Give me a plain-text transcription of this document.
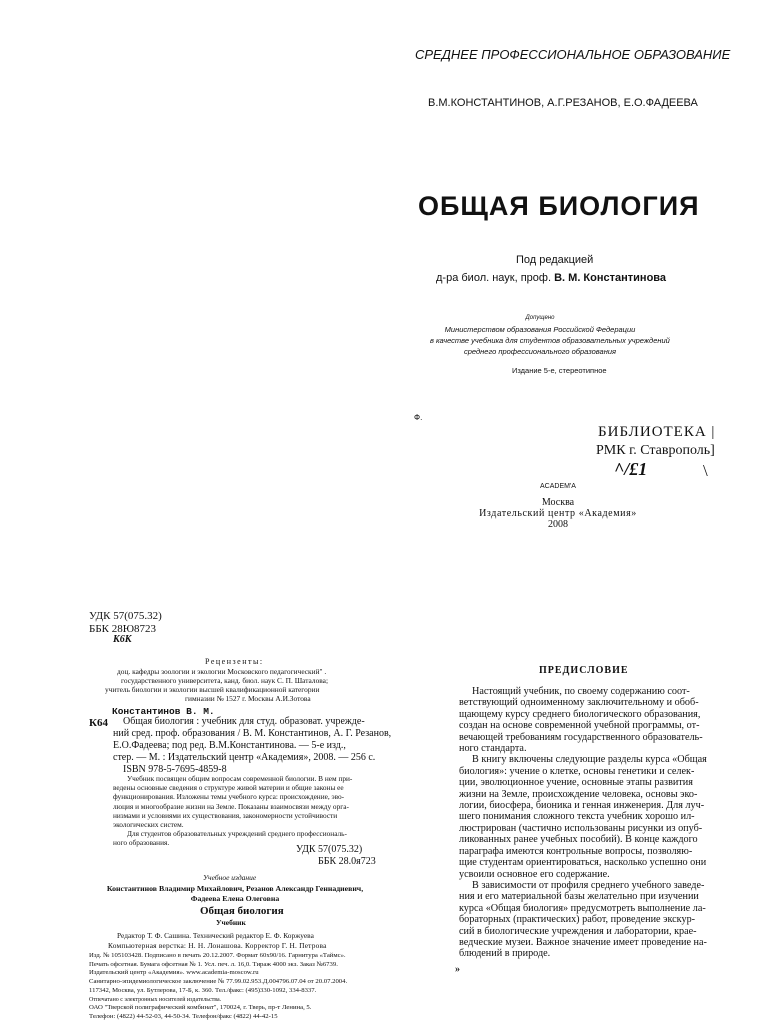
СРЕДНЕЕ ПРОФЕССИОНАЛЬНОЕ ОБРАЗОВАНИЕ
В.М.КОНСТАНТИНОВ, А.Г.РЕЗАНОВ, Е.О.ФАДЕЕВА
ОБЩАЯ БИОЛОГИЯ
Под редакцией
д-ра биол. наук, проф. В. М. Константинова
Допущено
Министерством образования Российской Федерации
в качестве учебника для студентов образовательных учреждений
среднего профессионального образования
Издание 5-е, стереотипное
Ф.
БИБЛИОТЕКА |
РМК г. Ставрополь]
^/£1	\
ACADEM'A
Москва
Издательский центр «Академия»
2008
УДК 57(075.32)
ББК 28Ю8723
К6К
Рецензенты:
доц. кафедры зоологии и экологии Московского педагогический" .
государственного университета, канд. биол. наук С. П. Шаталова;
учитель биологии и экологии высшей квалификационной категории
гимназии № 1527 г. Москвы А.И.Зотова
Константинов В. М.
К64 Общая биология : учебник для студ. образоват. учрежде-
ний сред. проф. образования / В. М. Константинов, А. Г. Резанов,
Е.О.Фадеева; под ред. В.М.Константинова. — 5-е изд.,
стер. — М. : Издательский центр «Академия», 2008. — 256 с.
ISBN 978-5-7695-4859-8
Учебник посвящен общим вопросам современной биологии. В нем при-
ведены основные сведения о структуре живой материи и общие законы ее
функционирования. Изложены темы учебного курса: происхождение, эво-
люция и многообразие жизни на Земле. Показаны взаимосвязи между орга-
низмами и условиями их существования, закономерности устойчивости
экологических систем.
Для студентов образовательных учреждений среднего профессиональ-
ного образования.
УДК 57(075.32)
ББК 28.0я723
Учебное издание
Константинов Владимир Михайлович, Резанов Александр Геннадиевич,
Фадеева Елена Олеговна
Общая биология
Учебник
Редактор Т. Ф. Сашина. Технический редактор Е. Ф. Коржуева
Компьютерная верстка: Н. Н. Лонашова. Корректор Г. Н. Петрова
Изд. № 105103428. Подписано в печать 20.12.2007. Формат 60x90/16. Гарнитура «Таймс».
Печать офсетная. Бумага офсетная № 1. Усл. печ. л. 16,0. Тираж 4000 экз. Заказ №6739.
Издательский центр «Академия». www.academia-moscow.ru
Санитарно-эпидемиологическое заключение № 77.99.02.953.Д.004796.07.04 от 20.07.2004.
117342, Москва, ул. Бутлерова, 17-Б, к. 360. Тел./факс: (495)330-1092, 334-8337.
Отпечатано с электронных носителей издательства.
ОАО "Тверской полиграфический комбинат", 170024, г. Тверь, пр-т Ленина, 5.
Телефон: (4822) 44-52-03, 44-50-34. Телефон/факс (4822) 44-42-15
ПРЕДИСЛОВИЕ
Настоящий учебник, по своему содержанию соот-
ветствующий одноименному заключительному и обоб-
щающему курсу среднего биологического образования,
создан на основе современной учебной программы, от-
вечающей требованиям государственного образователь-
ного стандарта.
В книгу включены следующие разделы курса «Общая
биология»: учение о клетке, основы генетики и селек-
ции, эволюционное учение, основные этапы развития
жизни на Земле, происхождение человека, основы эко-
логии, биосфера, бионика и генная инженерия. Для луч-
шего понимания сложного текста учебник хорошо ил-
люстрирован (частично использованы рисунки из опуб-
ликованных ранее учебных пособий). В конце каждого
параграфа имеются контрольные вопросы, позволяю-
щие студентам ориентироваться, насколько успешно они
усвоили основное его содержание.
В зависимости от профиля среднего учебного заведе-
ния и его материальной базы желательно при изучении
курса «Общая биология» предусмотреть выполнение ла-
бораторных (практических) работ, проведение экскур-
сий в биологические учреждения и лаборатории, крае-
ведческие музеи. Важное значение имеет проведение на-
блюдений в природе.
»
